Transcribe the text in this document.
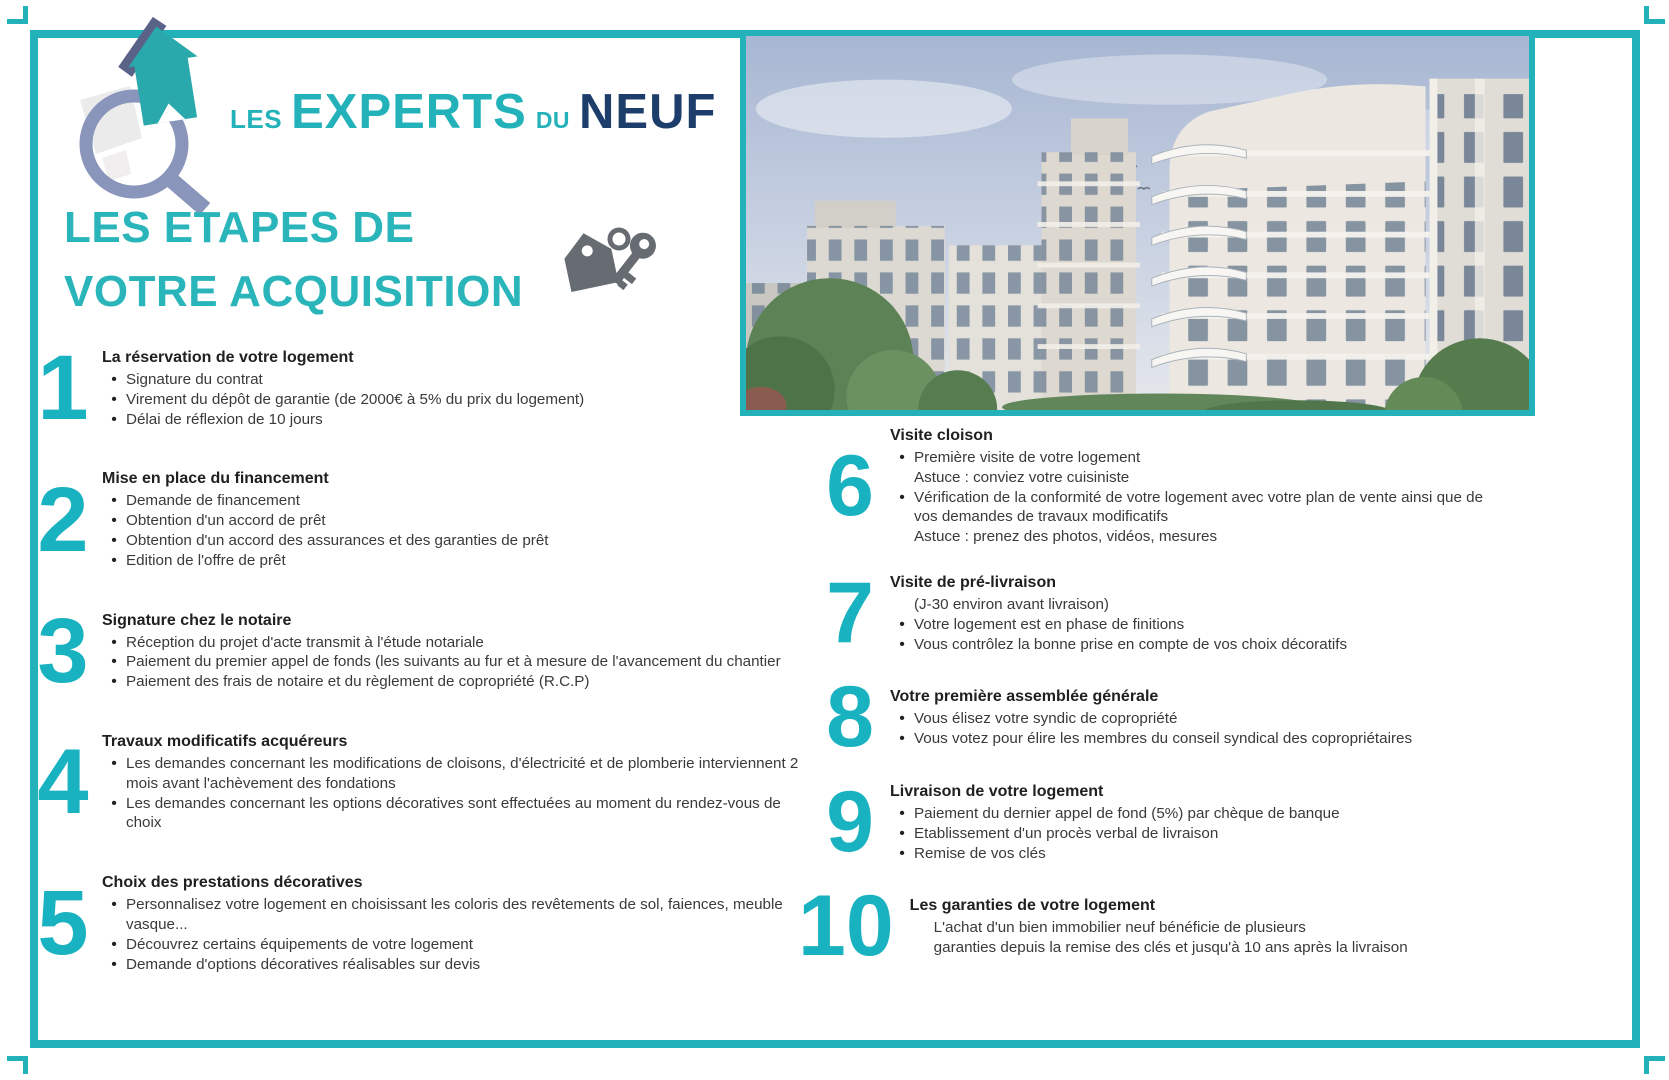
LES EXPERTS DU NEUF
LES ETAPES DE
VOTRE ACQUISITION
1 La réservation de votre logement
• Signature du contrat
• Virement du dépôt de garantie (de 2000€ à 5% du prix du logement)
• Délai de réflexion de 10 jours
2 Mise en place du financement
• Demande de financement
• Obtention d'un accord de prêt
• Obtention d'un accord des assurances et des garanties de prêt
• Edition de l'offre de prêt
3 Signature chez le notaire
• Réception du projet d'acte transmit à l'étude notariale
• Paiement du premier appel de fonds (les suivants au fur et à mesure de l'avancement du chantier
• Paiement des frais de notaire et du règlement de copropriété (R.C.P)
4 Travaux modificatifs acquéreurs
• Les demandes concernant les modifications de cloisons, d'électricité et de plomberie interviennent 2 mois avant l'achèvement des fondations
• Les demandes concernant les options décoratives sont effectuées au moment du rendez-vous de choix
5 Choix des prestations décoratives
• Personnalisez votre logement en choisissant les coloris des revêtements de sol, faiences, meuble vasque...
• Découvrez certains équipements de votre logement
• Demande d'options décoratives réalisables sur devis
6
Visite cloison
• Première visite de votre logement
Astuce : conviez votre cuisiniste
• Vérification de la conformité de votre logement avec votre plan de vente ainsi que de vos demandes de travaux modificatifs
Astuce : prenez des photos, vidéos, mesures
7 Visite de pré-livraison
(J-30 environ avant livraison)
• Votre logement est en phase de finitions
• Vous contrôlez la bonne prise en compte de vos choix décoratifs
8 Votre première assemblée générale
• Vous élisez votre syndic de copropriété
• Vous votez pour élire les membres du conseil syndical des copropriétaires
9 Livraison de votre logement
• Paiement du dernier appel de fond (5%) par chèque de banque
• Etablissement d'un procès verbal de livraison
• Remise de vos clés
10 Les garanties de votre logement
L'achat d'un bien immobilier neuf bénéficie de plusieurs
garanties depuis la remise des clés et jusqu'à 10 ans après la livraison
